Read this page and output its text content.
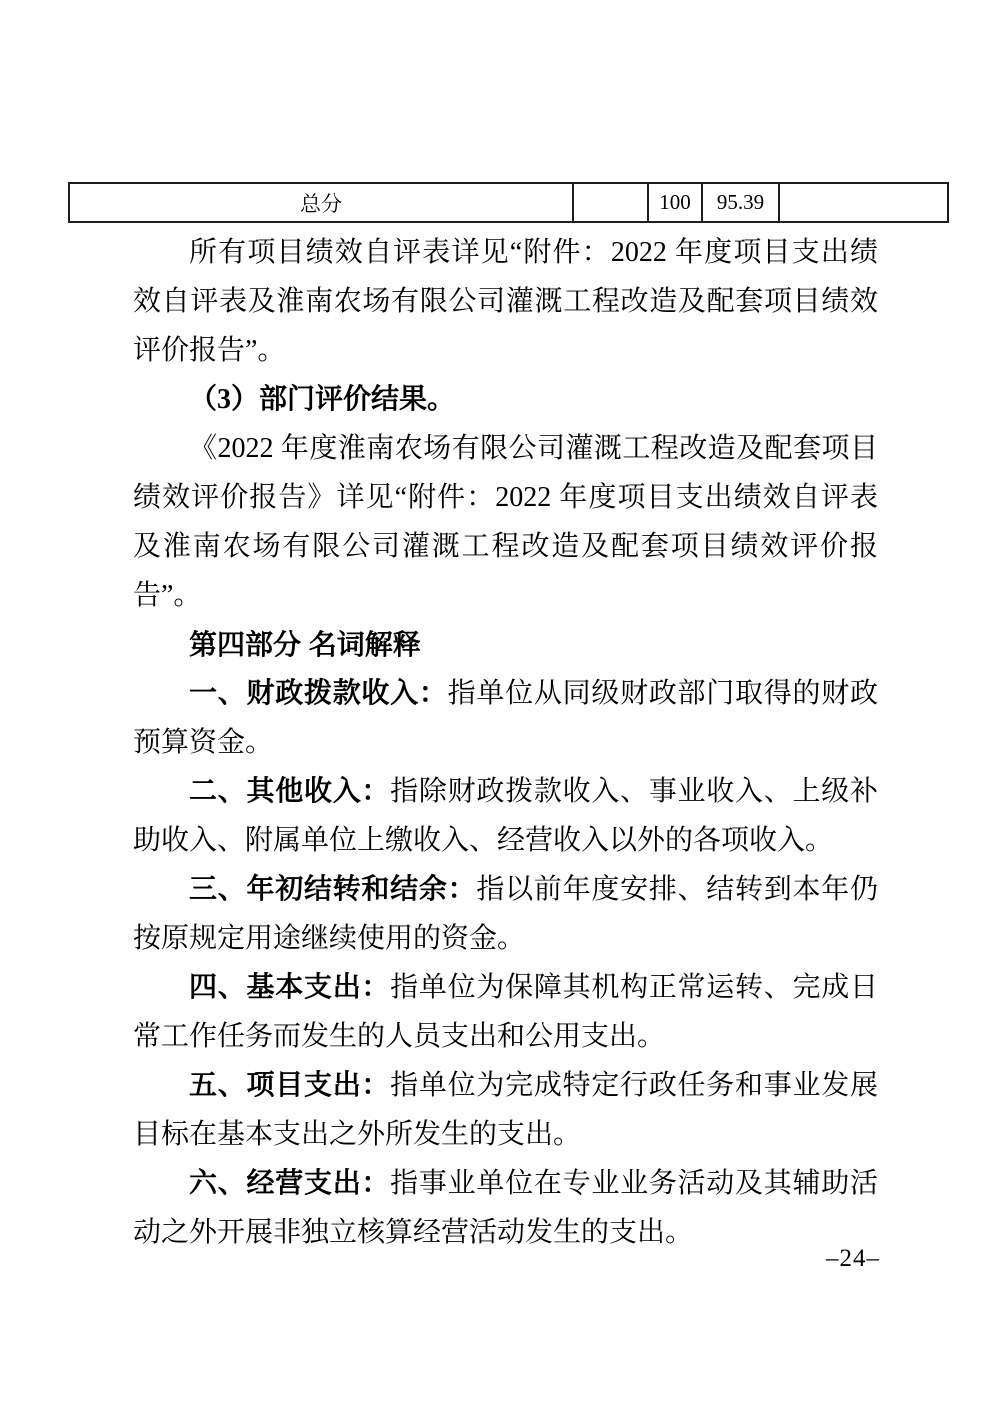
总分		100	95.39	

所有项目绩效自评表详见“附件：2022 年度项目支出绩效自评表及淮南农场有限公司灌溉工程改造及配套项目绩效评价报告”。

（3）部门评价结果。

《2022 年度淮南农场有限公司灌溉工程改造及配套项目绩效评价报告》详见“附件：2022 年度项目支出绩效自评表及淮南农场有限公司灌溉工程改造及配套项目绩效评价报告”。

第四部分 名词解释

一、财政拨款收入：指单位从同级财政部门取得的财政预算资金。

二、其他收入：指除财政拨款收入、事业收入、上级补助收入、附属单位上缴收入、经营收入以外的各项收入。

三、年初结转和结余：指以前年度安排、结转到本年仍按原规定用途继续使用的资金。

四、基本支出：指单位为保障其机构正常运转、完成日常工作任务而发生的人员支出和公用支出。

五、项目支出：指单位为完成特定行政任务和事业发展目标在基本支出之外所发生的支出。

六、经营支出：指事业单位在专业业务活动及其辅助活动之外开展非独立核算经营活动发生的支出。

–24–
